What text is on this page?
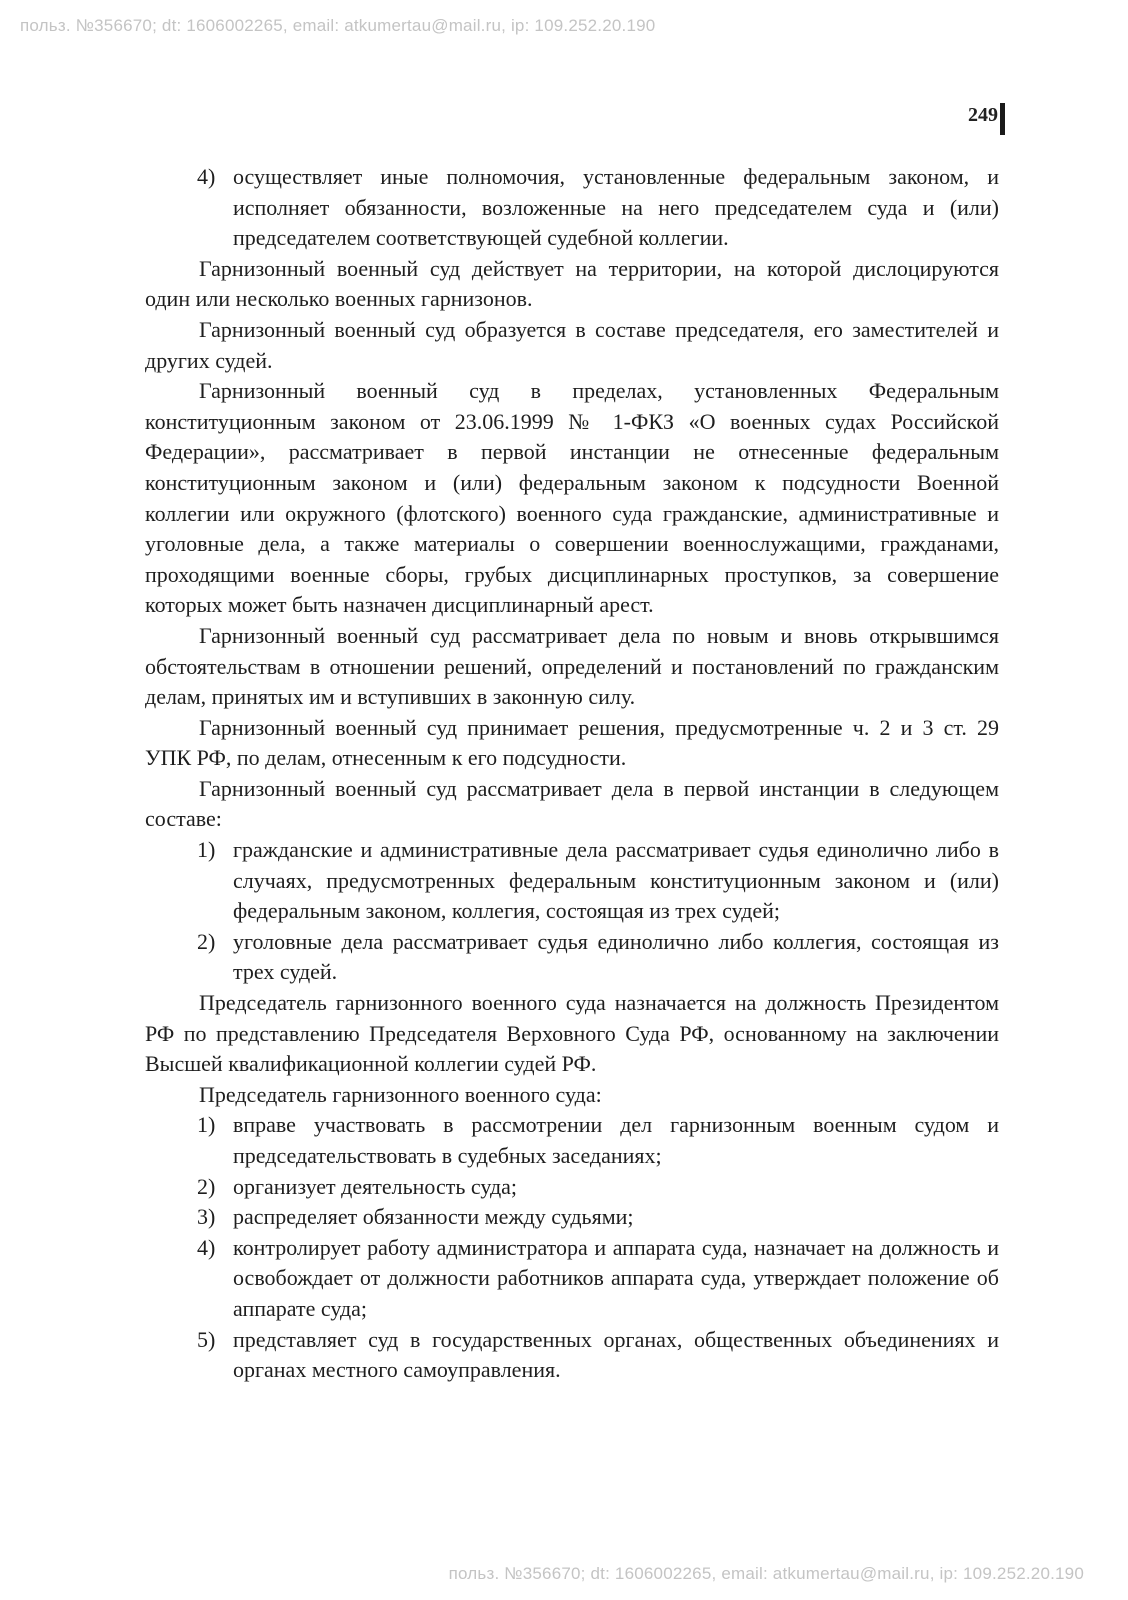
польз. №356670; dt: 1606002265, email: atkumertau@mail.ru, ip: 109.252.20.190
249
4) осуществляет иные полномочия, установленные федеральным законом, и исполняет обязанности, возложенные на него председателем суда и (или) председателем соответствующей судебной коллегии.

Гарнизонный военный суд действует на территории, на которой дислоцируются один или несколько военных гарнизонов.

Гарнизонный военный суд образуется в составе председателя, его заместителей и других судей.

Гарнизонный военный суд в пределах, установленных Федеральным конституционным законом от 23.06.1999 № 1-ФКЗ «О военных судах Российской Федерации», рассматривает в первой инстанции не отнесенные федеральным конституционным законом и (или) федеральным законом к подсудности Военной коллегии или окружного (флотского) военного суда гражданские, административные и уголовные дела, а также материалы о совершении военнослужащими, гражданами, проходящими военные сборы, грубых дисциплинарных проступков, за совершение которых может быть назначен дисциплинарный арест.

Гарнизонный военный суд рассматривает дела по новым и вновь открывшимся обстоятельствам в отношении решений, определений и постановлений по гражданским делам, принятых им и вступивших в законную силу.

Гарнизонный военный суд принимает решения, предусмотренные ч. 2 и 3 ст. 29 УПК РФ, по делам, отнесенным к его подсудности.

Гарнизонный военный суд рассматривает дела в первой инстанции в следующем составе:

1) гражданские и административные дела рассматривает судья единолично либо в случаях, предусмотренных федеральным конституционным законом и (или) федеральным законом, коллегия, состоящая из трех судей;
2) уголовные дела рассматривает судья единолично либо коллегия, состоящая из трех судей.

Председатель гарнизонного военного суда назначается на должность Президентом РФ по представлению Председателя Верховного Суда РФ, основанному на заключении Высшей квалификационной коллегии судей РФ.

Председатель гарнизонного военного суда:

1) вправе участвовать в рассмотрении дел гарнизонным военным судом и председательствовать в судебных заседаниях;
2) организует деятельность суда;
3) распределяет обязанности между судьями;
4) контролирует работу администратора и аппарата суда, назначает на должность и освобождает от должности работников аппарата суда, утверждает положение об аппарате суда;
5) представляет суд в государственных органах, общественных объединениях и органах местного самоуправления.
польз. №356670; dt: 1606002265, email: atkumertau@mail.ru, ip: 109.252.20.190
